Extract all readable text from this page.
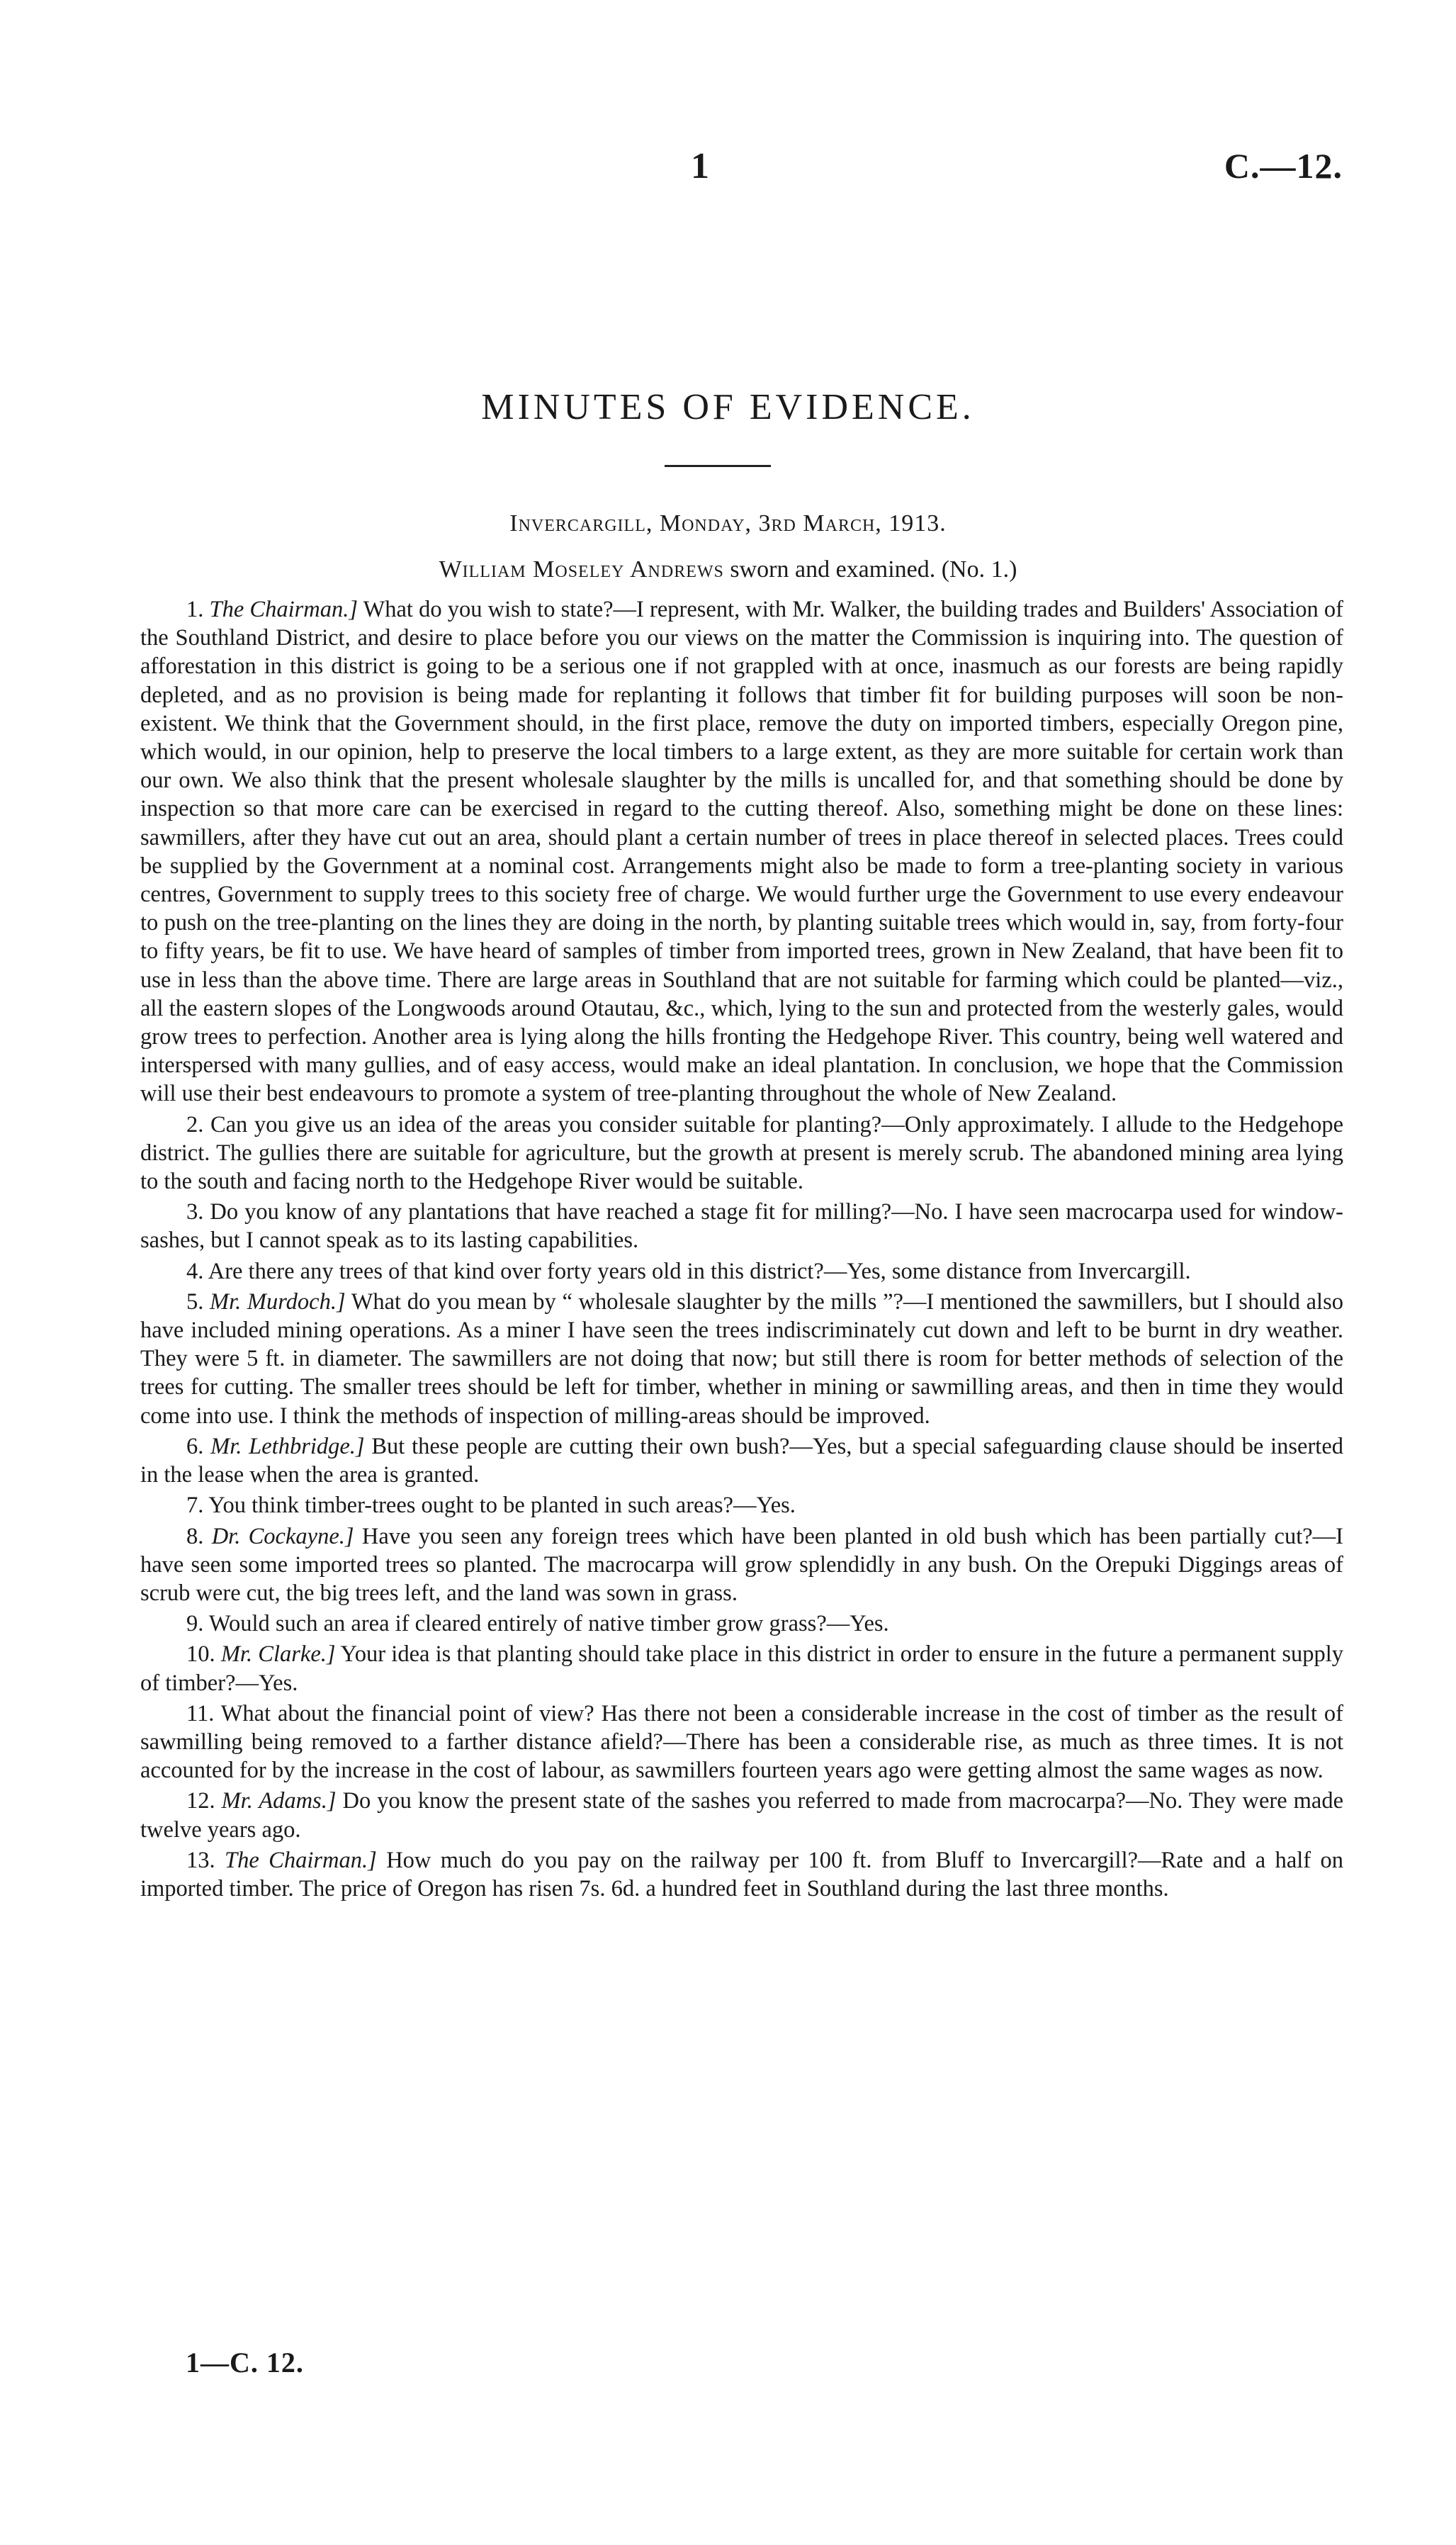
1	C.—12.
MINUTES OF EVIDENCE.
Invercargill, Monday, 3rd March, 1913.
William Moseley Andrews sworn and examined. (No. 1.)

1. The Chairman.] What do you wish to state?—I represent, with Mr. Walker, the building trades and Builders' Association of the Southland District, and desire to place before you our views on the matter the Commission is inquiring into. The question of afforestation in this district is going to be a serious one if not grappled with at once, inasmuch as our forests are being rapidly depleted, and as no provision is being made for replanting it follows that timber fit for building purposes will soon be non-existent. We think that the Government should, in the first place, remove the duty on imported timbers, especially Oregon pine, which would, in our opinion, help to preserve the local timbers to a large extent, as they are more suitable for certain work than our own. We also think that the present wholesale slaughter by the mills is uncalled for, and that something should be done by inspection so that more care can be exercised in regard to the cutting thereof. Also, something might be done on these lines: sawmillers, after they have cut out an area, should plant a certain number of trees in place thereof in selected places. Trees could be supplied by the Government at a nominal cost. Arrangements might also be made to form a tree-planting society in various centres, Government to supply trees to this society free of charge. We would further urge the Government to use every endeavour to push on the tree-planting on the lines they are doing in the north, by planting suitable trees which would in, say, from forty-four to fifty years, be fit to use. We have heard of samples of timber from imported trees, grown in New Zealand, that have been fit to use in less than the above time. There are large areas in Southland that are not suitable for farming which could be planted—viz., all the eastern slopes of the Longwoods around Otautau, &c., which, lying to the sun and protected from the westerly gales, would grow trees to perfection. Another area is lying along the hills fronting the Hedgehope River. This country, being well watered and interspersed with many gullies, and of easy access, would make an ideal plantation. In conclusion, we hope that the Commission will use their best endeavours to promote a system of tree-planting throughout the whole of New Zealand.

2. Can you give us an idea of the areas you consider suitable for planting?—Only approximately. I allude to the Hedgehope district. The gullies there are suitable for agriculture, but the growth at present is merely scrub. The abandoned mining area lying to the south and facing north to the Hedgehope River would be suitable.

3. Do you know of any plantations that have reached a stage fit for milling?—No. I have seen macrocarpa used for window-sashes, but I cannot speak as to its lasting capabilities.

4. Are there any trees of that kind over forty years old in this district?—Yes, some distance from Invercargill.

5. Mr. Murdoch.] What do you mean by “ wholesale slaughter by the mills ”?—I mentioned the sawmillers, but I should also have included mining operations. As a miner I have seen the trees indiscriminately cut down and left to be burnt in dry weather. They were 5 ft. in diameter. The sawmillers are not doing that now; but still there is room for better methods of selection of the trees for cutting. The smaller trees should be left for timber, whether in mining or sawmilling areas, and then in time they would come into use. I think the methods of inspection of milling-areas should be improved.

6. Mr. Lethbridge.] But these people are cutting their own bush?—Yes, but a special safeguarding clause should be inserted in the lease when the area is granted.

7. You think timber-trees ought to be planted in such areas?—Yes.

8. Dr. Cockayne.] Have you seen any foreign trees which have been planted in old bush which has been partially cut?—I have seen some imported trees so planted. The macrocarpa will grow splendidly in any bush. On the Orepuki Diggings areas of scrub were cut, the big trees left, and the land was sown in grass.

9. Would such an area if cleared entirely of native timber grow grass?—Yes.

10. Mr. Clarke.] Your idea is that planting should take place in this district in order to ensure in the future a permanent supply of timber?—Yes.

11. What about the financial point of view? Has there not been a considerable increase in the cost of timber as the result of sawmilling being removed to a farther distance afield?—There has been a considerable rise, as much as three times. It is not accounted for by the increase in the cost of labour, as sawmillers fourteen years ago were getting almost the same wages as now.

12. Mr. Adams.] Do you know the present state of the sashes you referred to made from macrocarpa?—No. They were made twelve years ago.

13. The Chairman.] How much do you pay on the railway per 100 ft. from Bluff to Invercargill?—Rate and a half on imported timber. The price of Oregon has risen 7s. 6d. a hundred feet in Southland during the last three months.

1—C. 12.
